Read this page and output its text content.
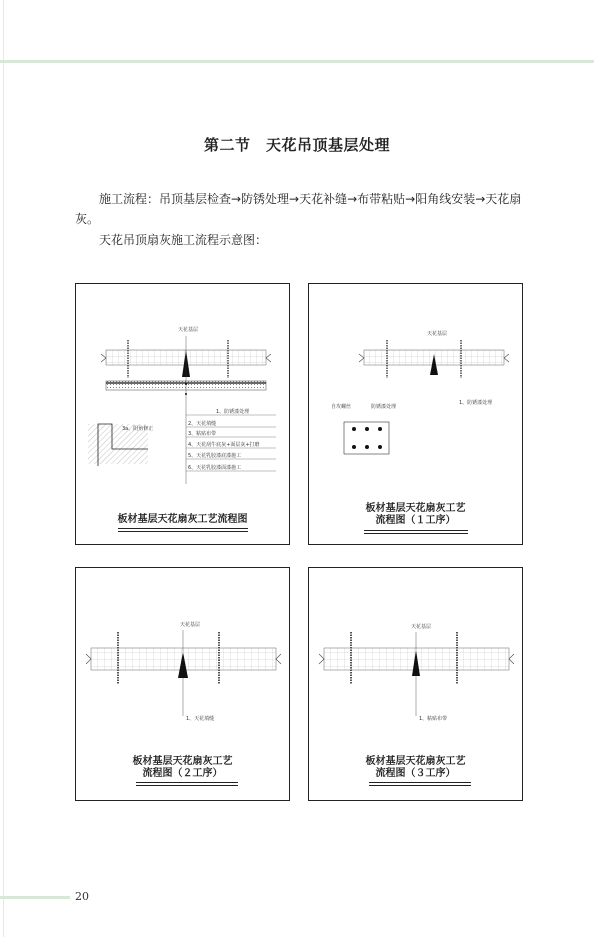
第二节　天花吊顶基层处理
施工流程：吊顶基层检查→防锈处理→天花补缝→布带粘贴→阳角线安装→天花扇灰。
天花吊顶扇灰施工流程示意图：
天花基层
1、防锈漆处理
2、天花填缝
3、粘贴布带
4、天花刮牛底灰+面层灰+打磨
5、天花乳胶漆底漆施工
6、天花乳胶漆面漆施工
3a、阴角修正
板材基层天花扇灰工艺流程图
天花基层
1、防锈漆处理
自攻螺丝	防锈漆处理
板材基层天花扇灰工艺
流程图（１工序）
天花基层
1、天花填缝
板材基层天花扇灰工艺
流程图（２工序）
天花基层
1、粘贴布带
板材基层天花扇灰工艺
流程图（３工序）
20
